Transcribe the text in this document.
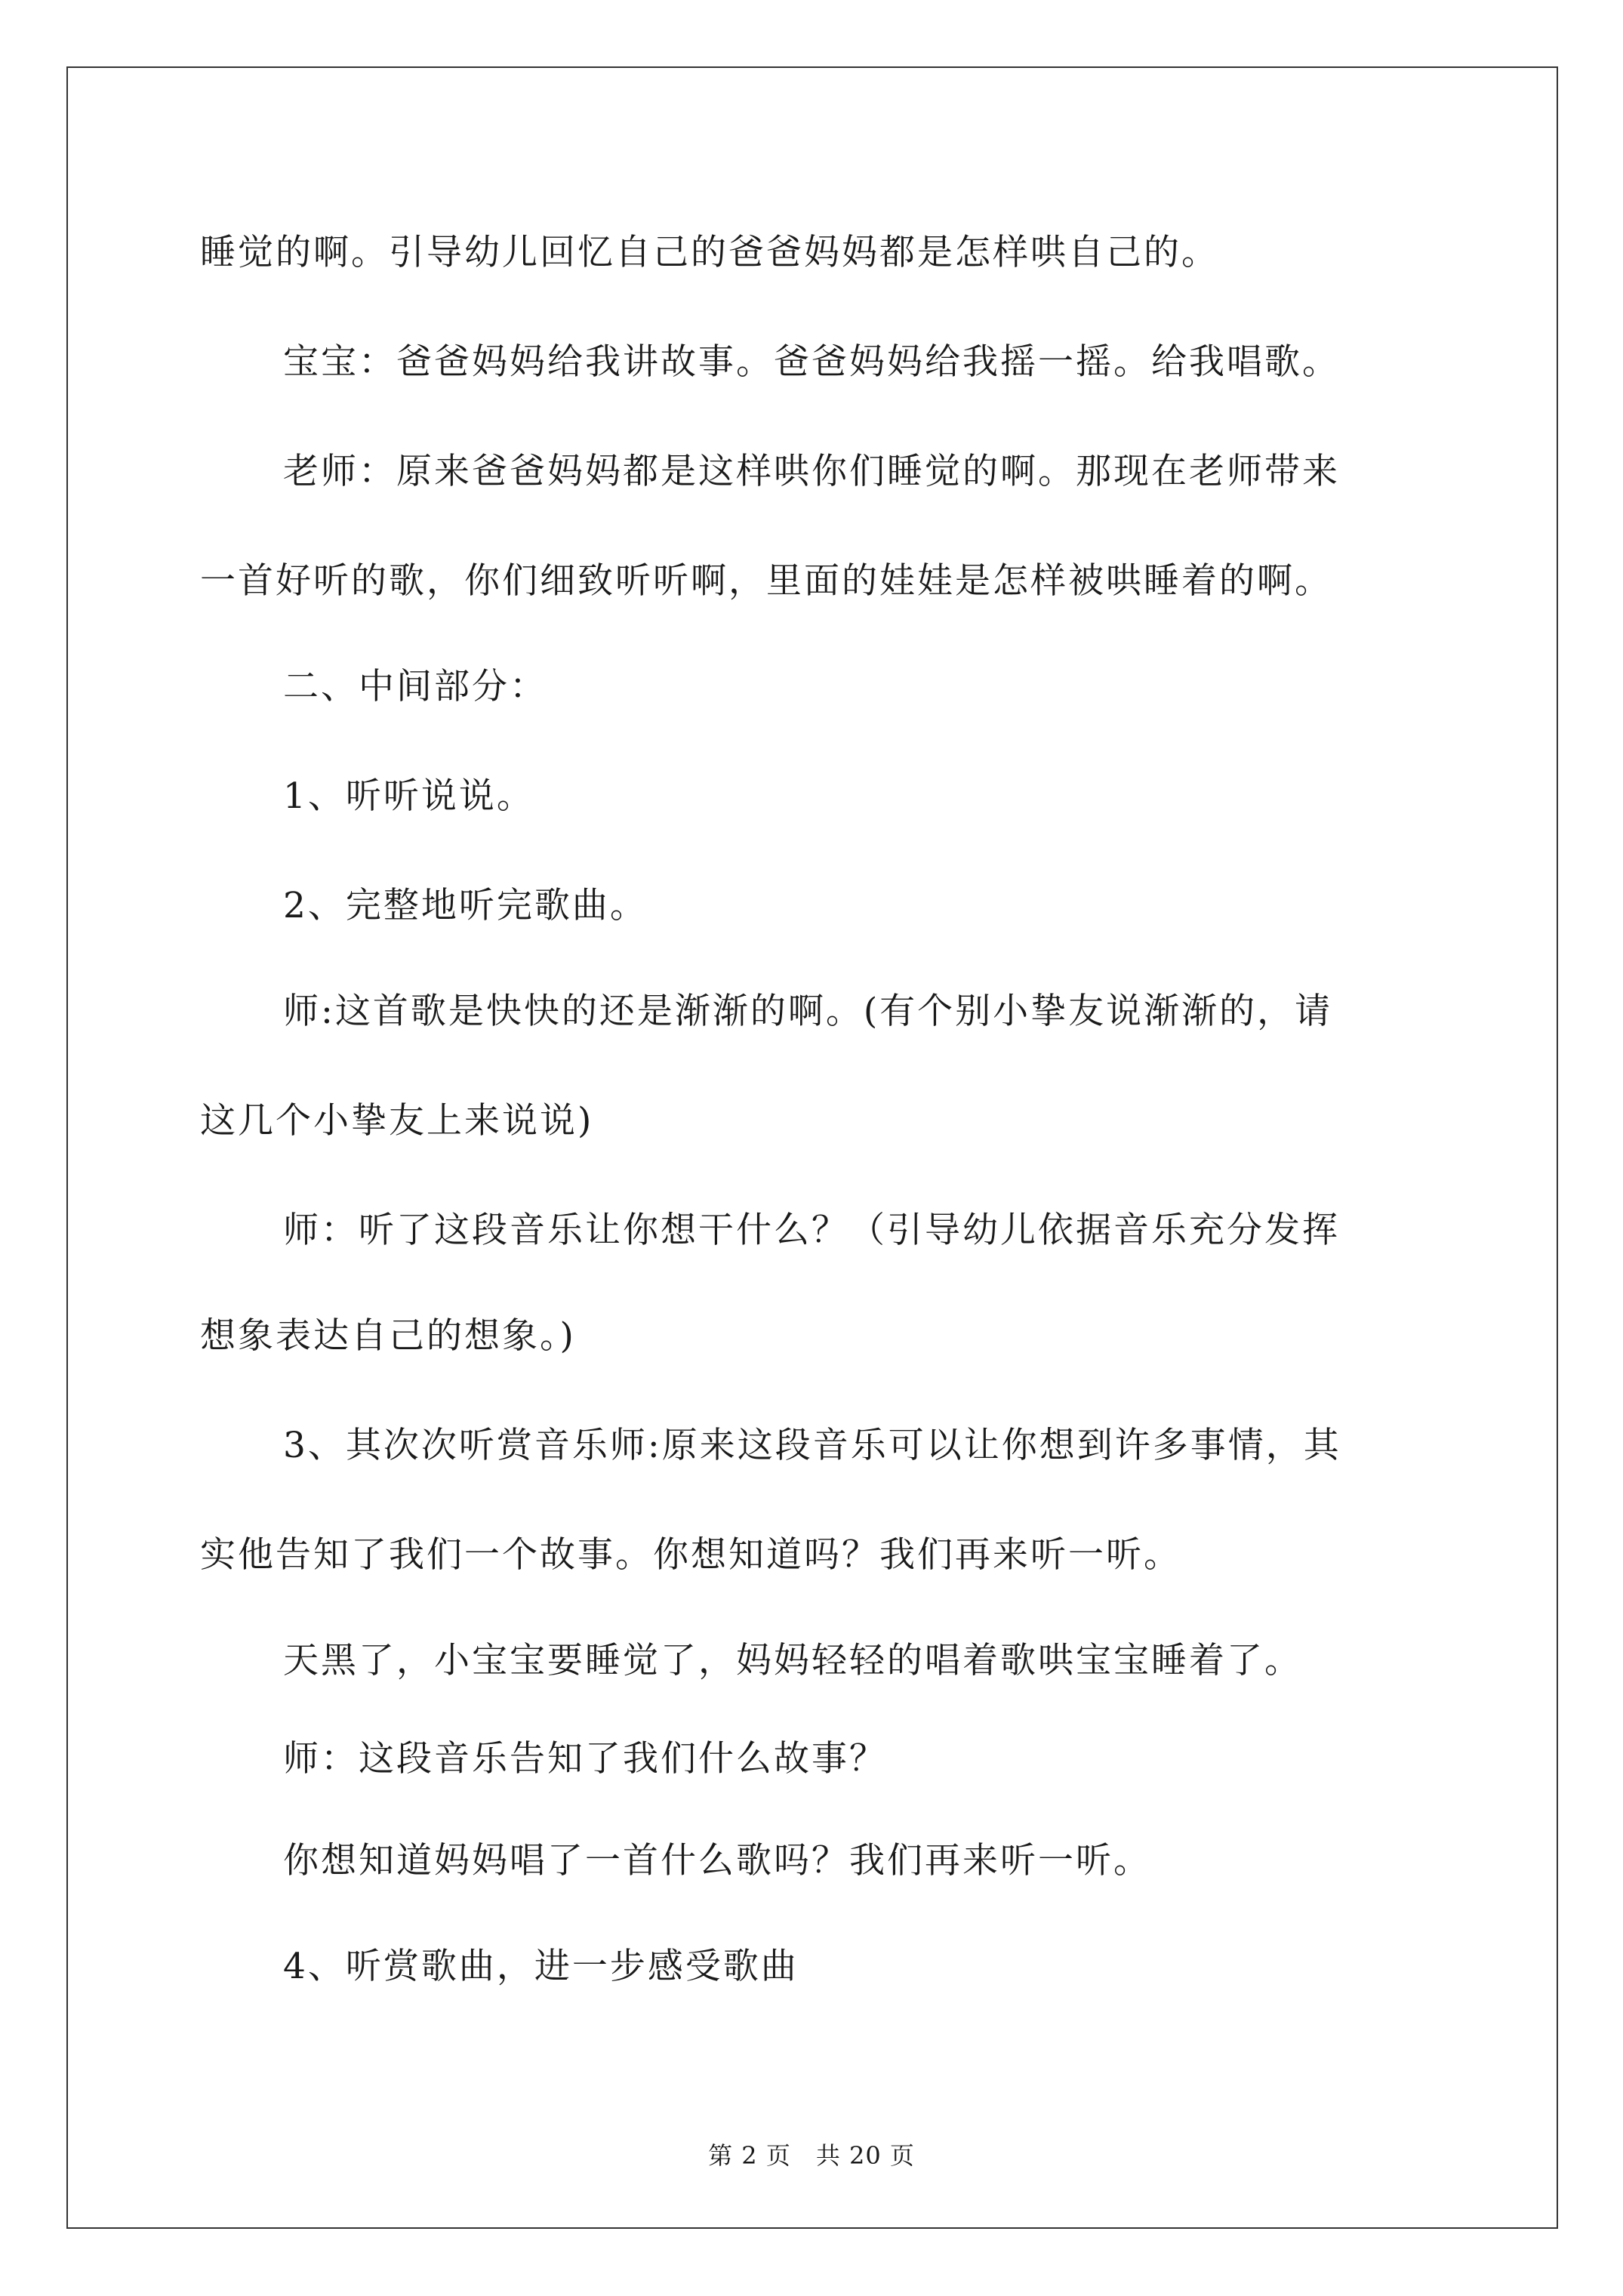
睡觉的啊。引导幼儿回忆自己的爸爸妈妈都是怎样哄自己的。
宝宝：爸爸妈妈给我讲故事。爸爸妈妈给我摇一摇。给我唱歌。
老师：原来爸爸妈妈都是这样哄你们睡觉的啊。那现在老师带来
一首好听的歌，你们细致听听啊，里面的娃娃是怎样被哄睡着的啊。
二、中间部分：
1、听听说说。
2、完整地听完歌曲。
师:这首歌是快快的还是渐渐的啊。(有个别小挚友说渐渐的，请
这几个小挚友上来说说)
师：听了这段音乐让你想干什么？（引导幼儿依据音乐充分发挥
想象表达自己的想象。)
3、其次次听赏音乐师:原来这段音乐可以让你想到许多事情，其
实他告知了我们一个故事。你想知道吗？我们再来听一听。
天黑了，小宝宝要睡觉了，妈妈轻轻的唱着歌哄宝宝睡着了。
师：这段音乐告知了我们什么故事？
你想知道妈妈唱了一首什么歌吗？我们再来听一听。
4、听赏歌曲，进一步感受歌曲
第 2 页　共 20 页
